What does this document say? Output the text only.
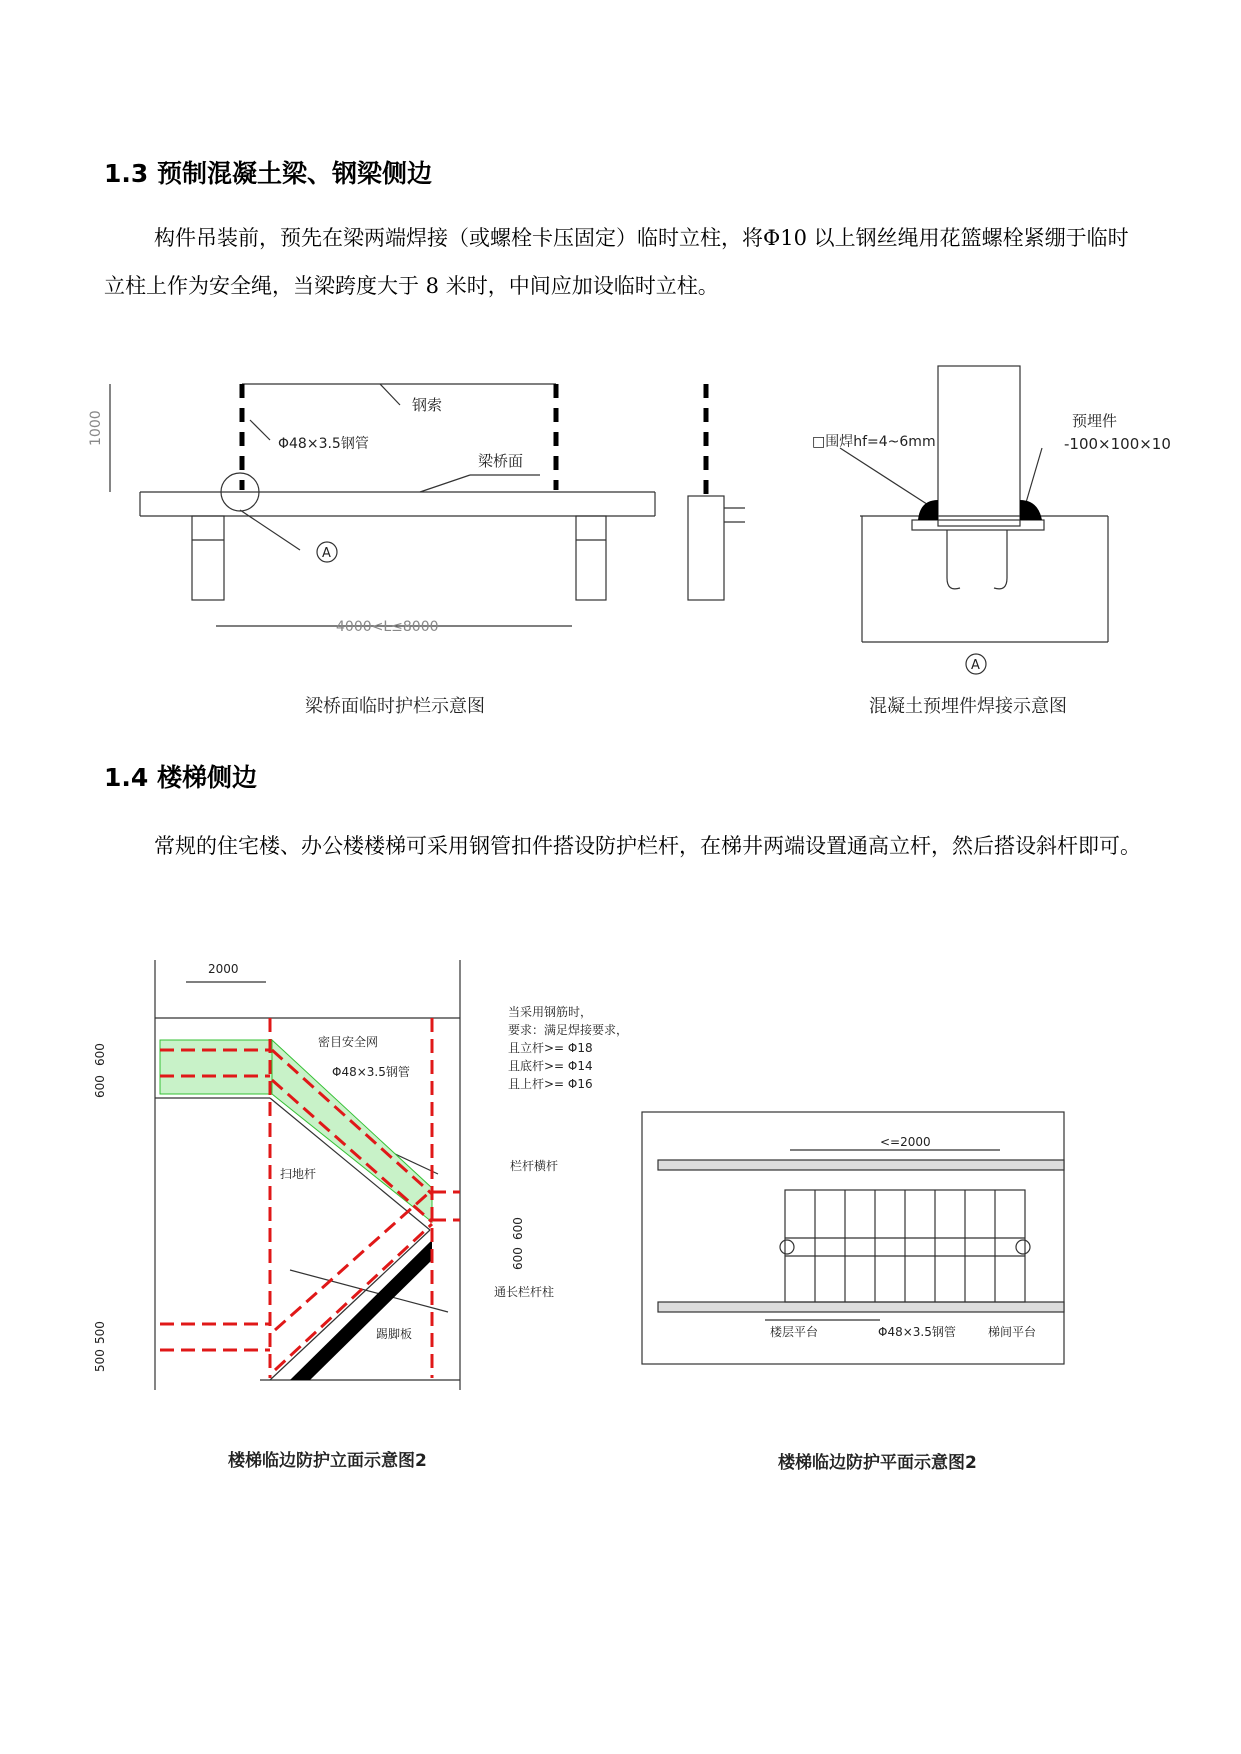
1.3 预制混凝土梁、钢梁侧边
构件吊装前，预先在梁两端焊接（或螺栓卡压固定）临时立柱，将Φ10 以上钢丝绳用花篮螺栓紧绷于临时立柱上作为安全绳，当梁跨度大于 8 米时，中间应加设临时立柱。
钢索
Φ48×3.5钢管
梁桥面
1000
4000<L≤8000
A
梁桥面临时护栏示意图
□围焊hf=4~6mm
预埋件
-100×100×10
A
混凝土预埋件焊接示意图
1.4 楼梯侧边
常规的住宅楼、办公楼楼梯可采用钢管扣件搭设防护栏杆，在梯井两端设置通高立杆，然后搭设斜杆即可。
2000
当采用钢筋时，
要求：满足焊接要求，
且立杆>= Φ18
且底杆>= Φ14
且上杆>= Φ16
密目安全网
Φ48×3.5钢管
栏杆横杆
扫地杆
通长栏杆柱
踢脚板
600
600
600
600
500
500
楼梯临边防护立面示意图2
<=2000
楼层平台	Φ48×3.5钢管	梯间平台
楼梯临边防护平面示意图2
